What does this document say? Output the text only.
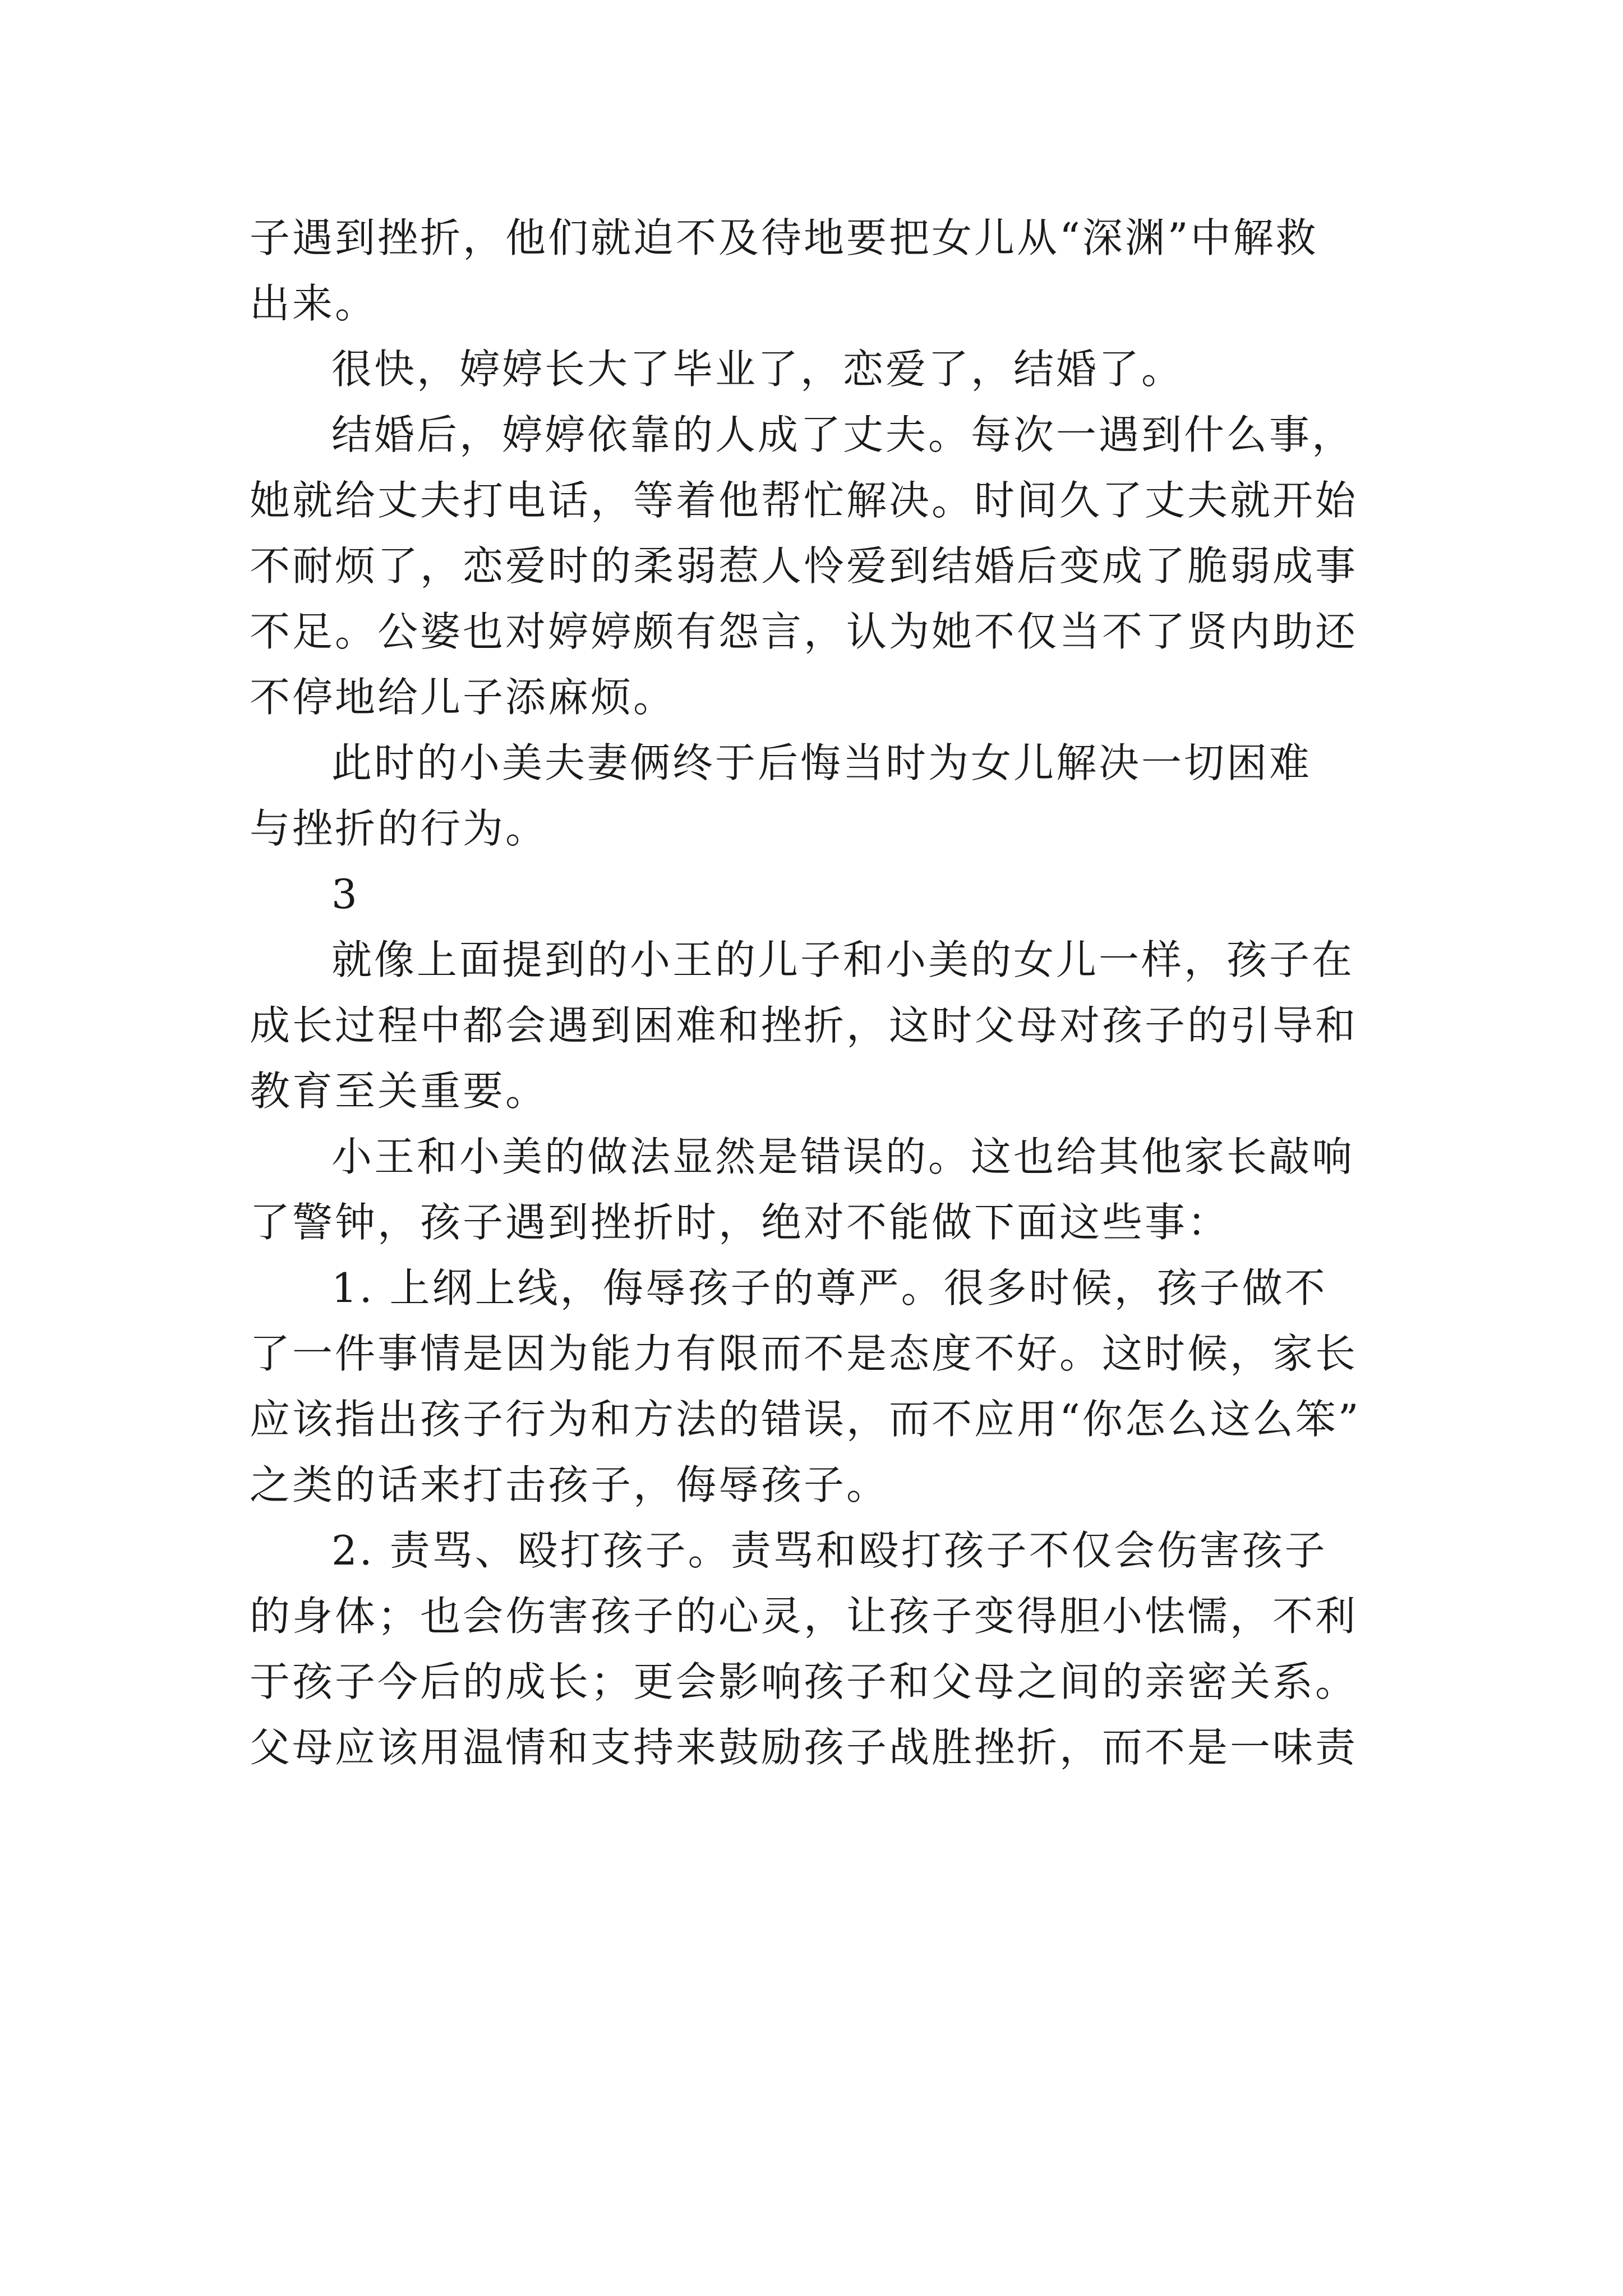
子遇到挫折，他们就迫不及待地要把女儿从“深渊”中解救
出来。
很快，婷婷长大了毕业了，恋爱了，结婚了。
结婚后，婷婷依靠的人成了丈夫。每次一遇到什么事，
她就给丈夫打电话，等着他帮忙解决。时间久了丈夫就开始
不耐烦了，恋爱时的柔弱惹人怜爱到结婚后变成了脆弱成事
不足。公婆也对婷婷颇有怨言，认为她不仅当不了贤内助还
不停地给儿子添麻烦。
此时的小美夫妻俩终于后悔当时为女儿解决一切困难
与挫折的行为。
3
就像上面提到的小王的儿子和小美的女儿一样，孩子在
成长过程中都会遇到困难和挫折，这时父母对孩子的引导和
教育至关重要。
小王和小美的做法显然是错误的。这也给其他家长敲响
了警钟，孩子遇到挫折时，绝对不能做下面这些事：
1. 上纲上线，侮辱孩子的尊严。很多时候，孩子做不
了一件事情是因为能力有限而不是态度不好。这时候，家长
应该指出孩子行为和方法的错误，而不应用“你怎么这么笨”
之类的话来打击孩子，侮辱孩子。
2. 责骂、殴打孩子。责骂和殴打孩子不仅会伤害孩子
的身体；也会伤害孩子的心灵，让孩子变得胆小怯懦，不利
于孩子今后的成长；更会影响孩子和父母之间的亲密关系。
父母应该用温情和支持来鼓励孩子战胜挫折，而不是一味责
